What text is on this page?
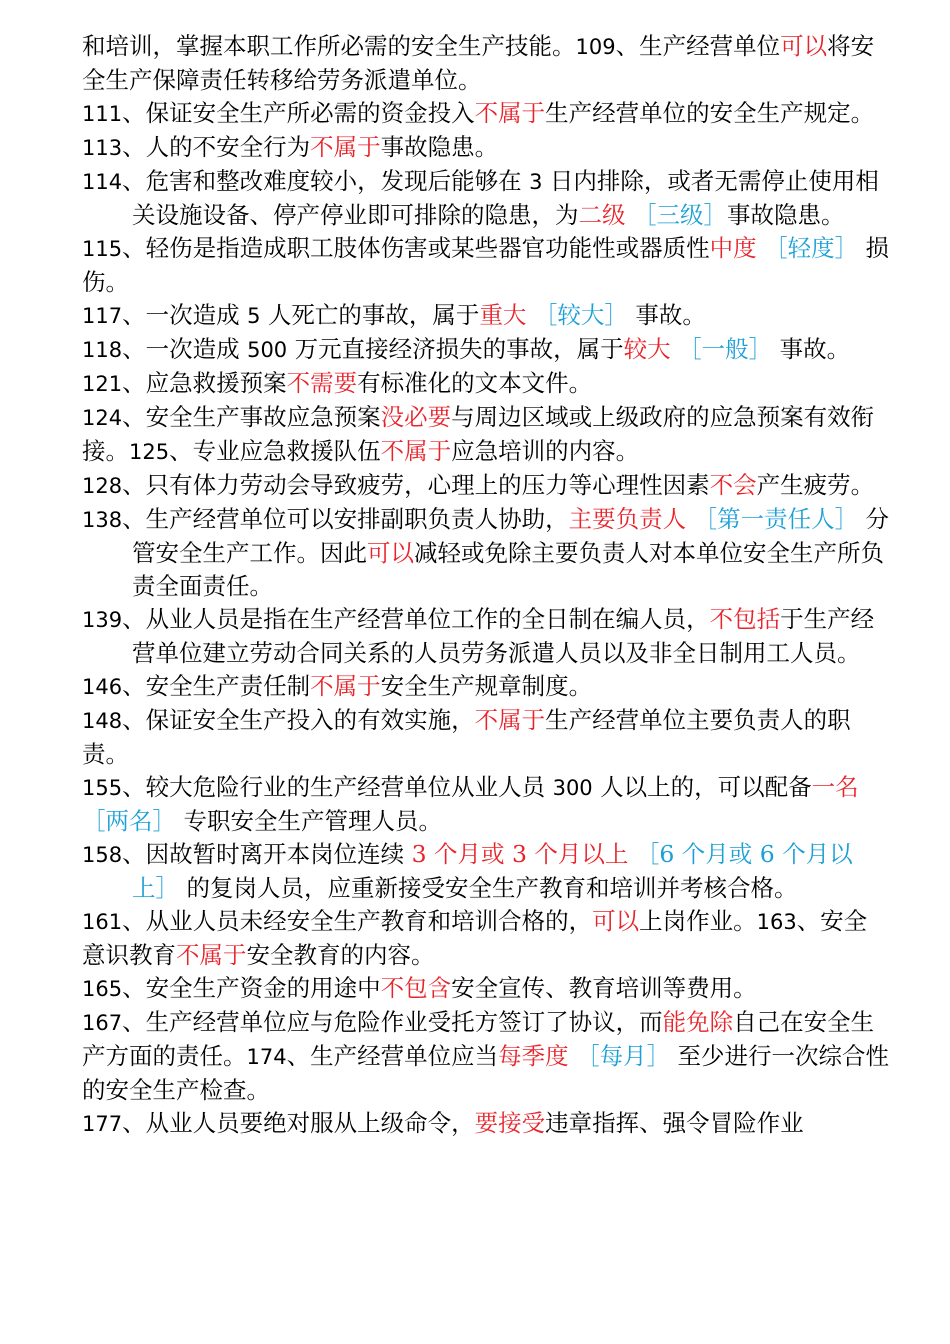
和培训，掌握本职工作所必需的安全生产技能。109、生产经营单位可以将安全生产保障责任转移给劳务派遣单位。

111、保证安全生产所必需的资金投入不属于生产经营单位的安全生产规定。

113、人的不安全行为不属于事故隐患。

114、危害和整改难度较小，发现后能够在 3 日内排除，或者无需停止使用相关设施设备、停产停业即可排除的隐患，为二级 ［三级］事故隐患。

115、轻伤是指造成职工肢体伤害或某些器官功能性或器质性中度 ［轻度］ 损伤。

117、一次造成 5 人死亡的事故，属于重大 ［较大］ 事故。

118、一次造成 500 万元直接经济损失的事故，属于较大 ［一般］ 事故。

121、应急救援预案不需要有标准化的文本文件。

124、安全生产事故应急预案没必要与周边区域或上级政府的应急预案有效衔接。125、专业应急救援队伍不属于应急培训的内容。

128、只有体力劳动会导致疲劳，心理上的压力等心理性因素不会产生疲劳。

138、生产经营单位可以安排副职负责人协助，主要负责人 ［第一责任人］ 分管安全生产工作。因此可以减轻或免除主要负责人对本单位安全生产所负责全面责任。

139、从业人员是指在生产经营单位工作的全日制在编人员，不包括于生产经营单位建立劳动合同关系的人员劳务派遣人员以及非全日制用工人员。

146、安全生产责任制不属于安全生产规章制度。

148、保证安全生产投入的有效实施，不属于生产经营单位主要负责人的职责。

155、较大危险行业的生产经营单位从业人员 300 人以上的，可以配备一名 ［两名］ 专职安全生产管理人员。

158、因故暂时离开本岗位连续 3 个月或 3 个月以上 ［6 个月或 6 个月以上］ 的复岗人员，应重新接受安全生产教育和培训并考核合格。

161、从业人员未经安全生产教育和培训合格的，可以上岗作业。163、安全意识教育不属于安全教育的内容。

165、安全生产资金的用途中不包含安全宣传、教育培训等费用。

167、生产经营单位应与危险作业受托方签订了协议，而能免除自己在安全生产方面的责任。174、生产经营单位应当每季度 ［每月］ 至少进行一次综合性的安全生产检查。

177、从业人员要绝对服从上级命令，要接受违章指挥、强令冒险作业
